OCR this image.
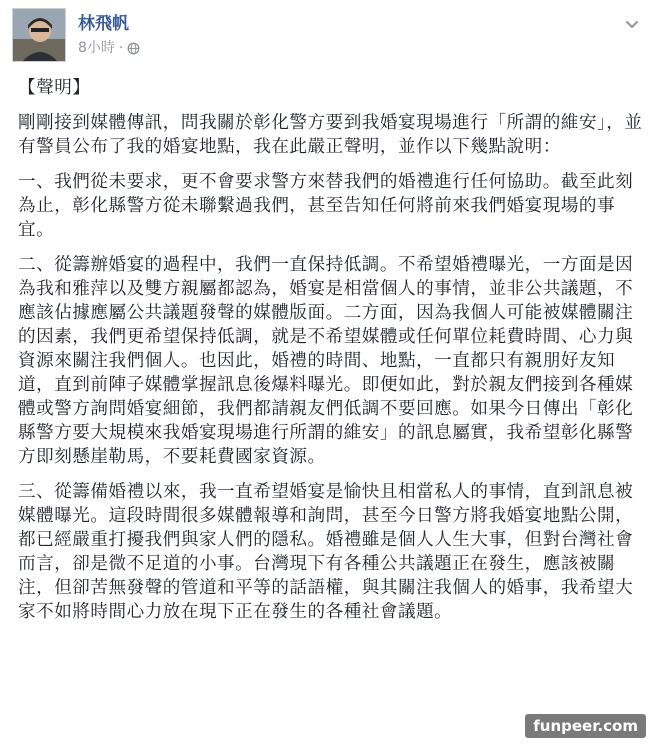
林飛帆
8小時 ·

【聲明】

剛剛接到媒體傳訊，問我關於彰化警方要到我婚宴現場進行「所謂的維安」，並有警員公布了我的婚宴地點，我在此嚴正聲明，並作以下幾點說明：

一、我們從未要求，更不會要求警方來替我們的婚禮進行任何協助。截至此刻為止，彰化縣警方從未聯繫過我們，甚至告知任何將前來我們婚宴現場的事宜。

二、從籌辦婚宴的過程中，我們一直保持低調。不希望婚禮曝光，一方面是因為我和雅萍以及雙方親屬都認為，婚宴是相當個人的事情，並非公共議題，不應該佔據應屬公共議題發聲的媒體版面。二方面，因為我個人可能被媒體關注的因素，我們更希望保持低調，就是不希望媒體或任何單位耗費時間、心力與資源來關注我們個人。也因此，婚禮的時間、地點，一直都只有親朋好友知道，直到前陣子媒體掌握訊息後爆料曝光。即便如此，對於親友們接到各種媒體或警方詢問婚宴細節，我們都請親友們低調不要回應。如果今日傳出「彰化縣警方要大規模來我婚宴現場進行所謂的維安」的訊息屬實，我希望彰化縣警方即刻懸崖勒馬，不要耗費國家資源。

三、從籌備婚禮以來，我一直希望婚宴是愉快且相當私人的事情，直到訊息被媒體曝光。這段時間很多媒體報導和詢問，甚至今日警方將我婚宴地點公開，都已經嚴重打擾我們與家人們的隱私。婚禮雖是個人人生大事，但對台灣社會而言，卻是微不足道的小事。台灣現下有各種公共議題正在發生，應該被關注，但卻苦無發聲的管道和平等的話語權，與其關注我個人的婚事，我希望大家不如將時間心力放在現下正在發生的各種社會議題。

funpeer.com
